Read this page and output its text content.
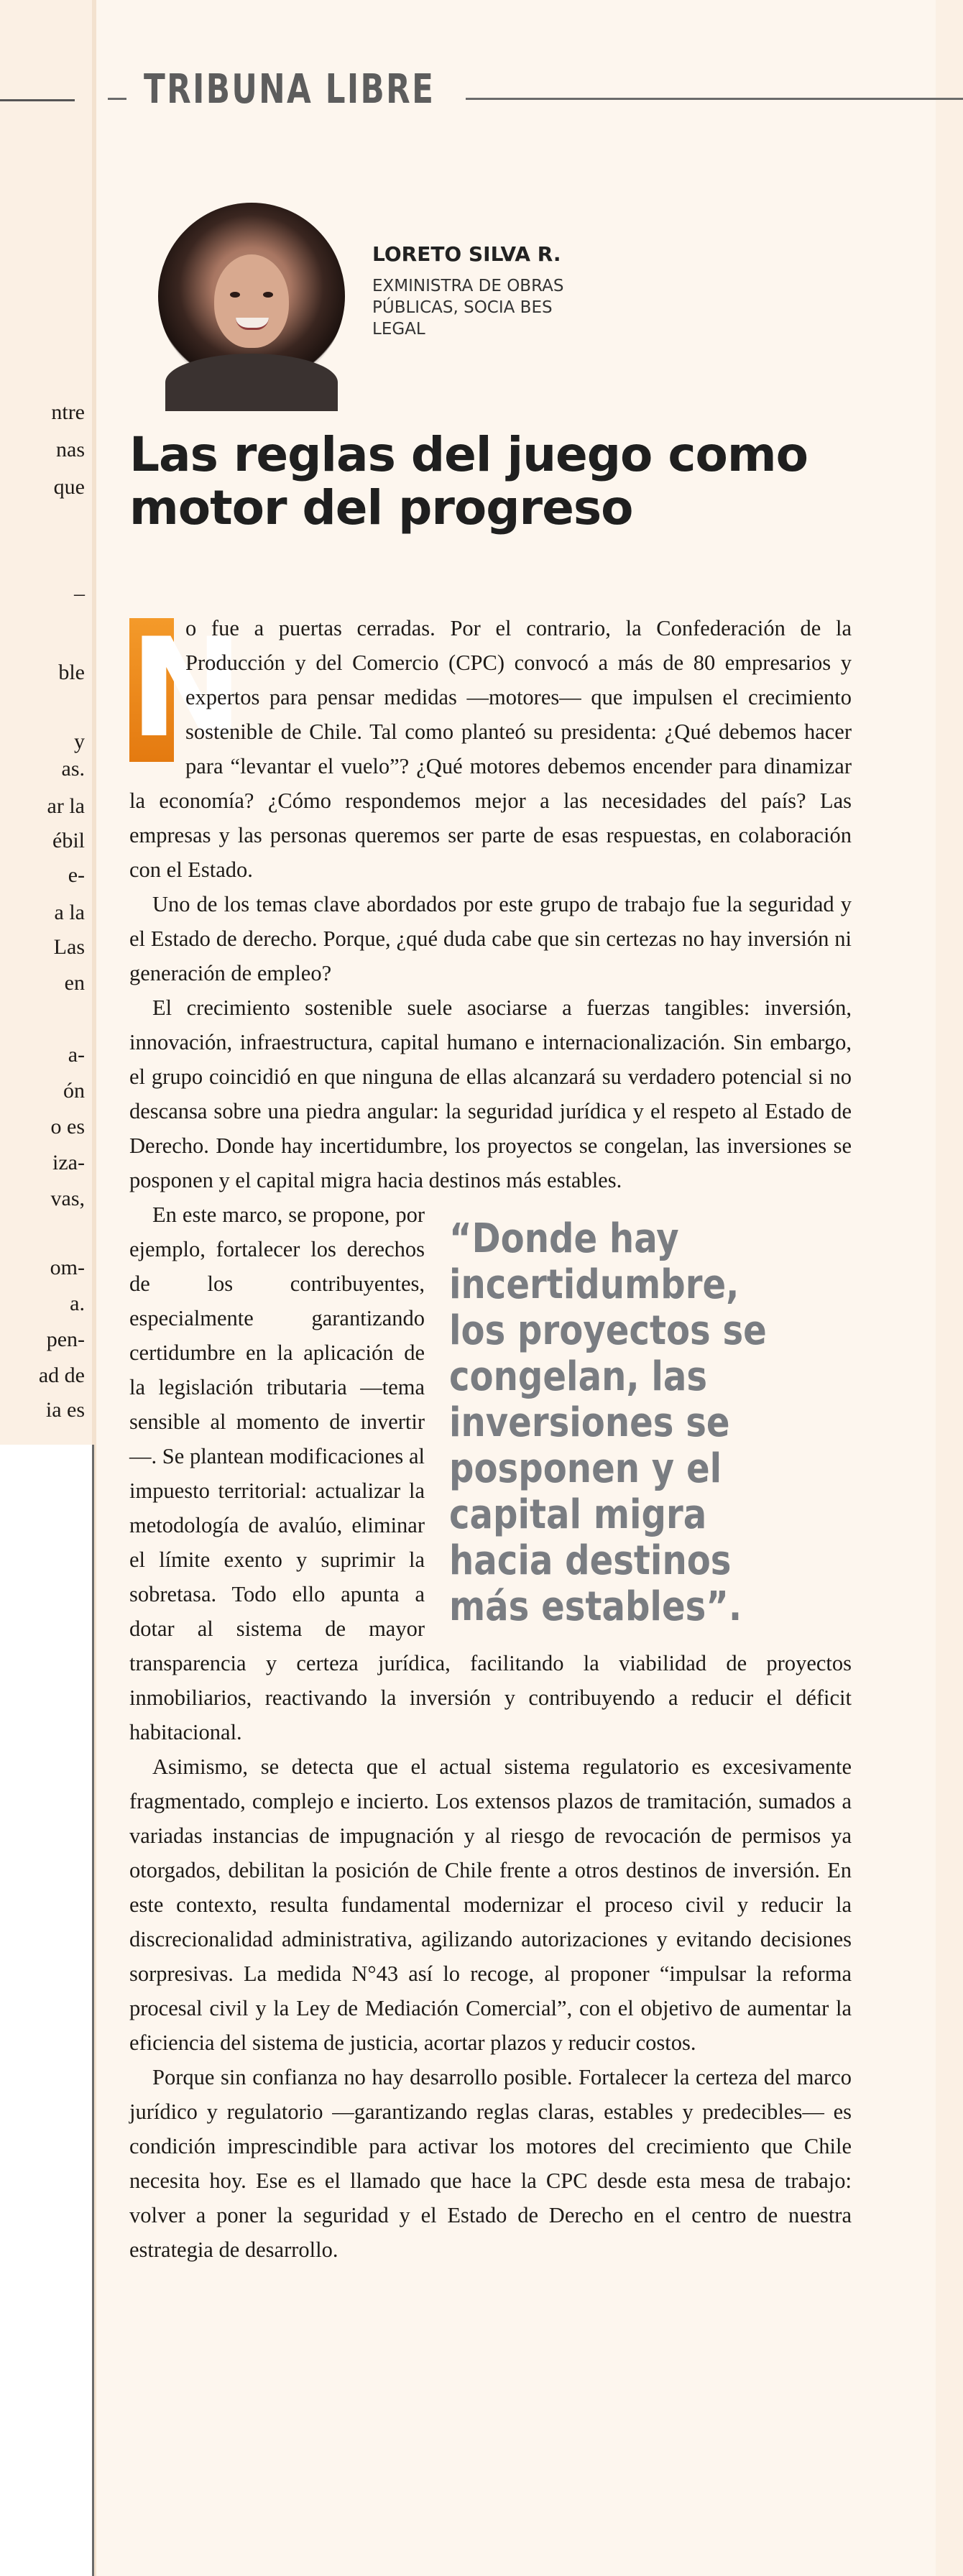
ntre
nas
que
–
ble
y
as.
ar la
ébil
e-
a la
Las
en
a-
ón
o es
iza-
vas,
om-
a.
pen-
ad de
ia es
TRIBUNA LIBRE
LORETO SILVA R.
EXMINISTRA DE OBRAS PÚBLICAS, SOCIA BES LEGAL
Las reglas del juego como motor del progreso

N
o fue a puertas cerradas. Por el contrario, la Confederación de la Producción y del Comercio (CPC) convocó a más de 80 empresarios y expertos para pensar medidas —motores— que impulsen el crecimiento sostenible de Chile. Tal como planteó su presidenta: ¿Qué debemos hacer para “levantar el vuelo”? ¿Qué motores debemos encender para dinamizar la economía? ¿Cómo respondemos mejor a las necesidades del país? Las empresas y las personas queremos ser parte de esas respuestas, en colaboración con el Estado.

Uno de los temas clave abordados por este grupo de trabajo fue la seguridad y el Estado de derecho. Porque, ¿qué duda cabe que sin certezas no hay inversión ni generación de empleo?

El crecimiento sostenible suele asociarse a fuerzas tangibles: inversión, innovación, infraestructura, capital humano e internacionalización. Sin embargo, el grupo coincidió en que ninguna de ellas alcanzará su verdadero potencial si no descansa sobre una piedra angular: la seguridad jurídica y el respeto al Estado de Derecho. Donde hay incertidumbre, los proyectos se congelan, las inversiones se posponen y el capital migra hacia destinos más estables.

“Donde hay incertidumbre, los proyectos se congelan, las inversiones se posponen y el capital migra hacia destinos más estables”.
En este marco, se propone, por ejemplo, fortalecer los derechos de los contribuyentes, especialmente garantizando certidumbre en la aplicación de la legislación tributaria —tema sensible al momento de invertir—. Se plantean modificaciones al impuesto territorial: actualizar la metodología de avalúo, eliminar el límite exento y suprimir la sobretasa. Todo ello apunta a dotar al sistema de mayor transparencia y certeza jurídica, facilitando la viabilidad de proyectos inmobiliarios, reactivando la inversión y contribuyendo a reducir el déficit habitacional.

Asimismo, se detecta que el actual sistema regulatorio es excesivamente fragmentado, complejo e incierto. Los extensos plazos de tramitación, sumados a variadas instancias de impugnación y al riesgo de revocación de permisos ya otorgados, debilitan la posición de Chile frente a otros destinos de inversión. En este contexto, resulta fundamental modernizar el proceso civil y reducir la discrecionalidad administrativa, agilizando autorizaciones y evitando decisiones sorpresivas. La medida N°43 así lo recoge, al proponer “impulsar la reforma procesal civil y la Ley de Mediación Comercial”, con el objetivo de aumentar la eficiencia del sistema de justicia, acortar plazos y reducir costos.

Porque sin confianza no hay desarrollo posible. Fortalecer la certeza del marco jurídico y regulatorio —garantizando reglas claras, estables y predecibles— es condición imprescindible para activar los motores del crecimiento que Chile necesita hoy. Ese es el llamado que hace la CPC desde esta mesa de trabajo: volver a poner la seguridad y el Estado de Derecho en el centro de nuestra estrategia de desarrollo.
